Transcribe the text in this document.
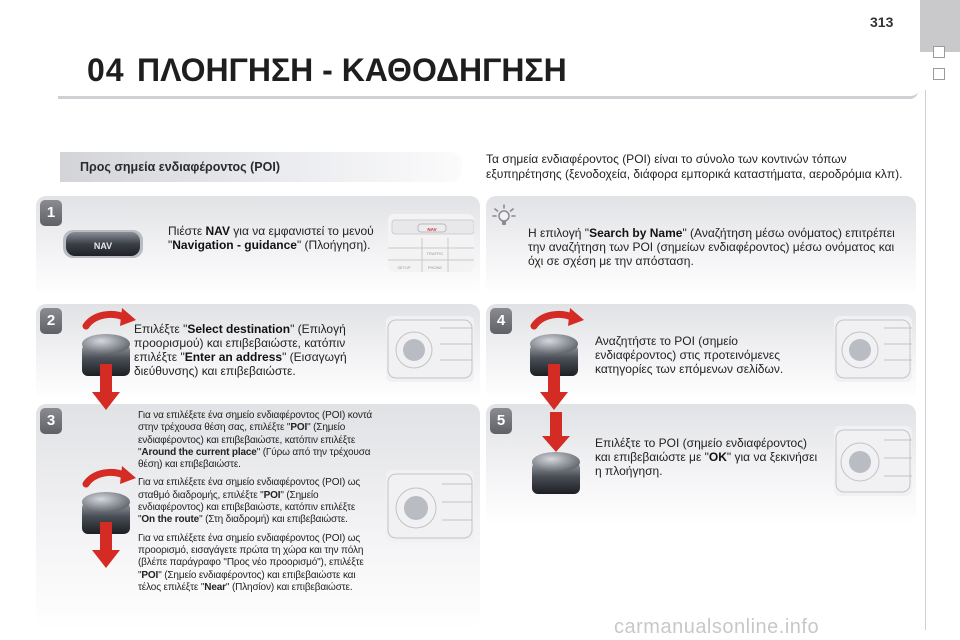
313
04 ΠΛΟΗΓΗΣΗ - ΚΑΘΟΔΗΓΗΣΗ
Προς σημεία ενδιαφέροντος (POI)
Τα σημεία ενδιαφέροντος (POI) είναι το σύνολο των κοντινών τόπων εξυπηρέτησης (ξενοδοχεία, διάφορα εμπορικά καταστήματα, αεροδρόμια κλπ).
1
2
3
4
5
NAV
Πιέστε NAV για να εμφανιστεί το μενού "Navigation - guidance" (Πλοήγηση).
NAV
TRAFFIC
SETUP	PHONE
Επιλέξτε "Select destination" (Επιλογή προορισμού) και επιβεβαιώστε, κατόπιν επιλέξτε "Enter an address" (Εισαγωγή διεύθυνσης) και επιβεβαιώστε.

Για να επιλέξετε ένα σημείο ενδιαφέροντος (POI) κοντά στην τρέχουσα θέση σας, επιλέξτε "POI" (Σημείο ενδιαφέροντος) και επιβεβαιώστε, κατόπιν επιλέξτε "Around the current place" (Γύρω από την τρέχουσα θέση) και επιβεβαιώστε.

Για να επιλέξετε ένα σημείο ενδιαφέροντος (POI) ως σταθμό διαδρομής, επιλέξτε "POI" (Σημείο ενδιαφέροντος) και επιβεβαιώστε, κατόπιν επιλέξτε "On the route" (Στη διαδρομή) και επιβεβαιώστε.

Για να επιλέξετε ένα σημείο ενδιαφέροντος (POI) ως προορισμό, εισαγάγετε πρώτα τη χώρα και την πόλη (βλέπε παράγραφο "Προς νέο προορισμό"), επιλέξτε "POI" (Σημείο ενδιαφέροντος) και επιβεβαιώστε και τέλος επιλέξτε "Near" (Πλησίον) και επιβεβαιώστε.

Η επιλογή "Search by Name" (Αναζήτηση μέσω ονόματος) επιτρέπει την αναζήτηση των POI (σημείων ενδιαφέροντος) μέσω ονόματος και όχι σε σχέση με την απόσταση.
Αναζητήστε το POI (σημείο ενδιαφέροντος) στις προτεινόμενες κατηγορίες των επόμενων σελίδων.
Επιλέξτε το POI (σημείο ενδιαφέροντος) και επιβεβαιώστε με "OK" για να ξεκινήσει η πλοήγηση.
carmanualsonline.info
